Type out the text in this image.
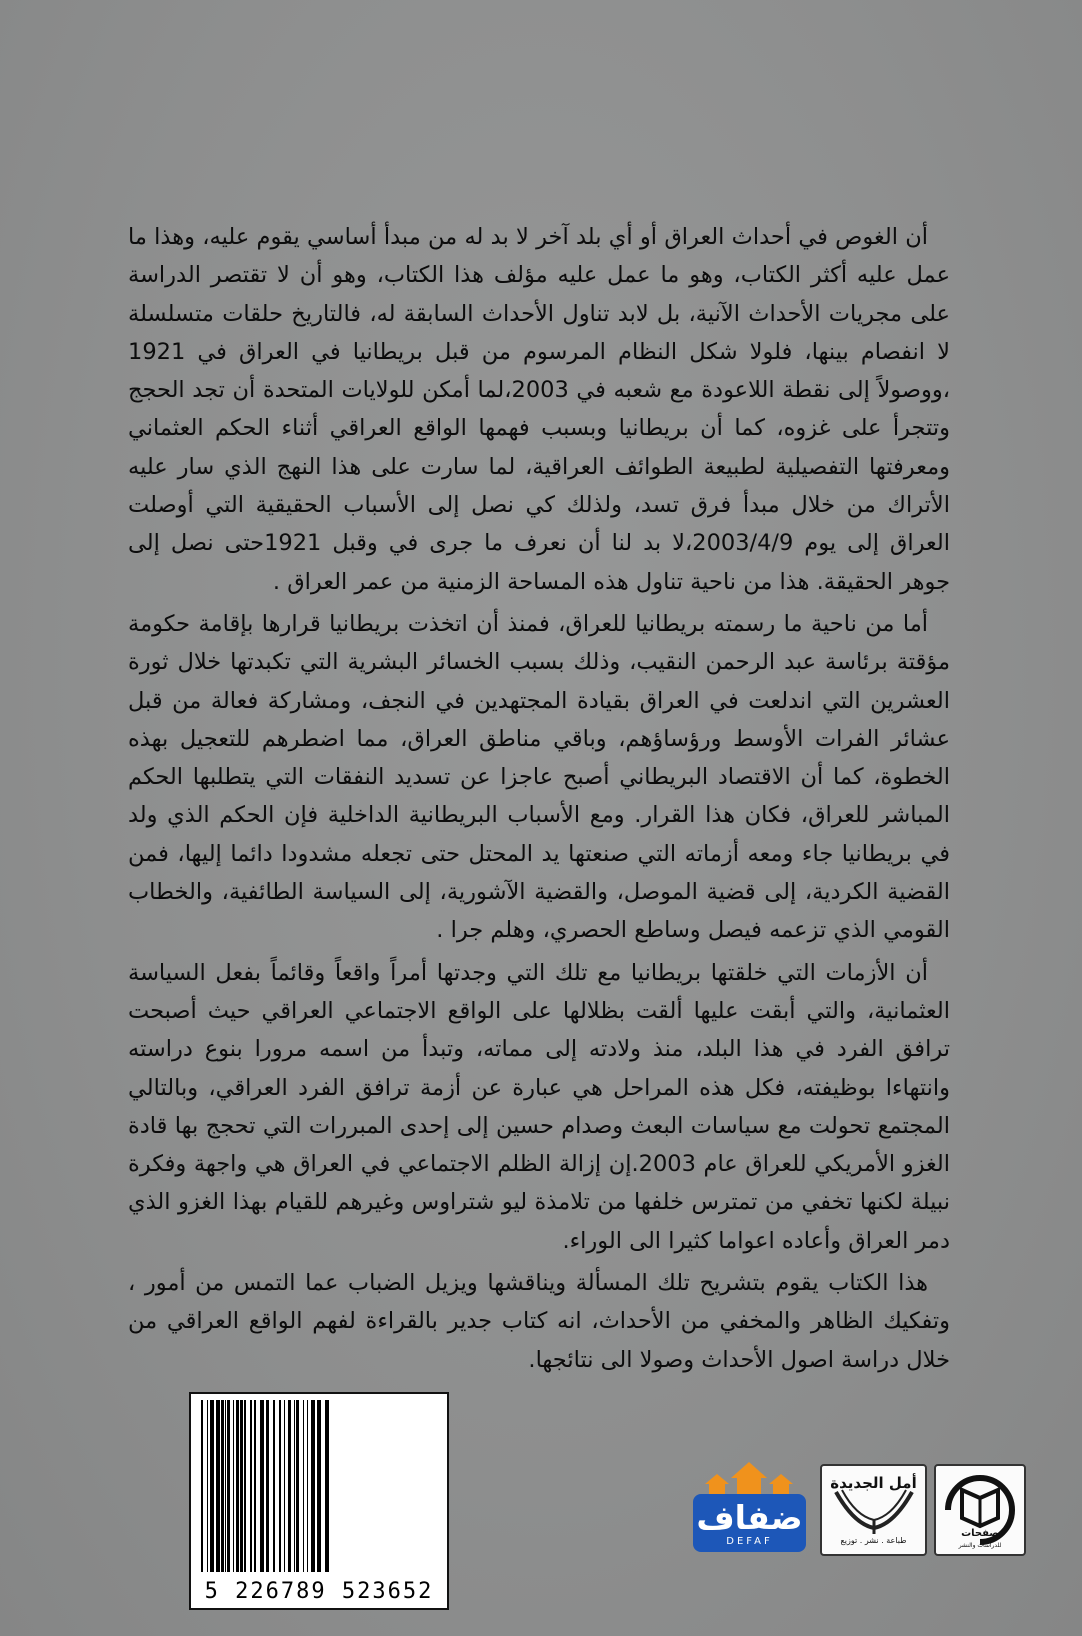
أن الغوص في أحداث العراق أو أي بلد آخر لا بد له من مبدأ أساسي يقوم عليه، وهذا ما عمل عليه أكثر الكتاب، وهو ما عمل عليه مؤلف هذا الكتاب، وهو أن لا تقتصر الدراسة على مجريات الأحداث الآنية، بل لابد تناول الأحداث السابقة له، فالتاريخ حلقات متسلسلة لا انفصام بينها، فلولا شكل النظام المرسوم من قبل بريطانيا في العراق في 1921 ،ووصولاً إلى نقطة اللاعودة مع شعبه في 2003،لما أمكن للولايات المتحدة أن تجد الحجج وتتجرأ على غزوه، كما أن بريطانيا وبسبب فهمها الواقع العراقي أثناء الحكم العثماني ومعرفتها التفصيلية لطبيعة الطوائف العراقية، لما سارت على هذا النهج الذي سار عليه الأتراك من خلال مبدأ فرق تسد، ولذلك كي نصل إلى الأسباب الحقيقية التي أوصلت العراق إلى يوم 2003/4/9،لا بد لنا أن نعرف ما جرى في وقبل 1921حتى نصل إلى جوهر الحقيقة. هذا من ناحية تناول هذه المساحة الزمنية من عمر العراق .

أما من ناحية ما رسمته بريطانيا للعراق، فمنذ أن اتخذت بريطانيا قرارها بإقامة حكومة مؤقتة برئاسة عبد الرحمن النقيب، وذلك بسبب الخسائر البشرية التي تكبدتها خلال ثورة العشرين التي اندلعت في العراق بقيادة المجتهدين في النجف، ومشاركة فعالة من قبل عشائر الفرات الأوسط ورؤساؤهم، وباقي مناطق العراق، مما اضطرهم للتعجيل بهذه الخطوة، كما أن الاقتصاد البريطاني أصبح عاجزا عن تسديد النفقات التي يتطلبها الحكم المباشر للعراق، فكان هذا القرار. ومع الأسباب البريطانية الداخلية فإن الحكم الذي ولد في بريطانيا جاء ومعه أزماته التي صنعتها يد المحتل حتى تجعله مشدودا دائما إليها، فمن القضية الكردية، إلى قضية الموصل، والقضية الآشورية، إلى السياسة الطائفية، والخطاب القومي الذي تزعمه فيصل وساطع الحصري، وهلم جرا .

أن الأزمات التي خلقتها بريطانيا مع تلك التي وجدتها أمراً واقعاً وقائماً بفعل السياسة العثمانية، والتي أبقت عليها ألقت بظلالها على الواقع الاجتماعي العراقي حيث أصبحت ترافق الفرد في هذا البلد، منذ ولادته إلى مماته، وتبدأ من اسمه مرورا بنوع دراسته وانتهاءا بوظيفته، فكل هذه المراحل هي عبارة عن أزمة ترافق الفرد العراقي، وبالتالي المجتمع تحولت مع سياسات البعث وصدام حسين إلى إحدى المبررات التي تحجج بها قادة الغزو الأمريكي للعراق عام 2003.إن إزالة الظلم الاجتماعي في العراق هي واجهة وفكرة نبيلة لكنها تخفي من تمترس خلفها من تلامذة ليو شتراوس وغيرهم للقيام بهذا الغزو الذي دمر العراق وأعاده اعواما كثيرا الى الوراء.

هذا الكتاب يقوم بتشريح تلك المسألة ويناقشها ويزيل الضباب عما التمس من أمور ، وتفكيك الظاهر والمخفي من الأحداث، انه كتاب جدير بالقراءة لفهم الواقع العراقي من خلال دراسة اصول الأحداث وصولا الى نتائجها.

5 226789 523652
ضفاف
DEFAF
أمل الجديدة
طباعة . نشر . توزيع
صفحات
للدراسات والنشر
